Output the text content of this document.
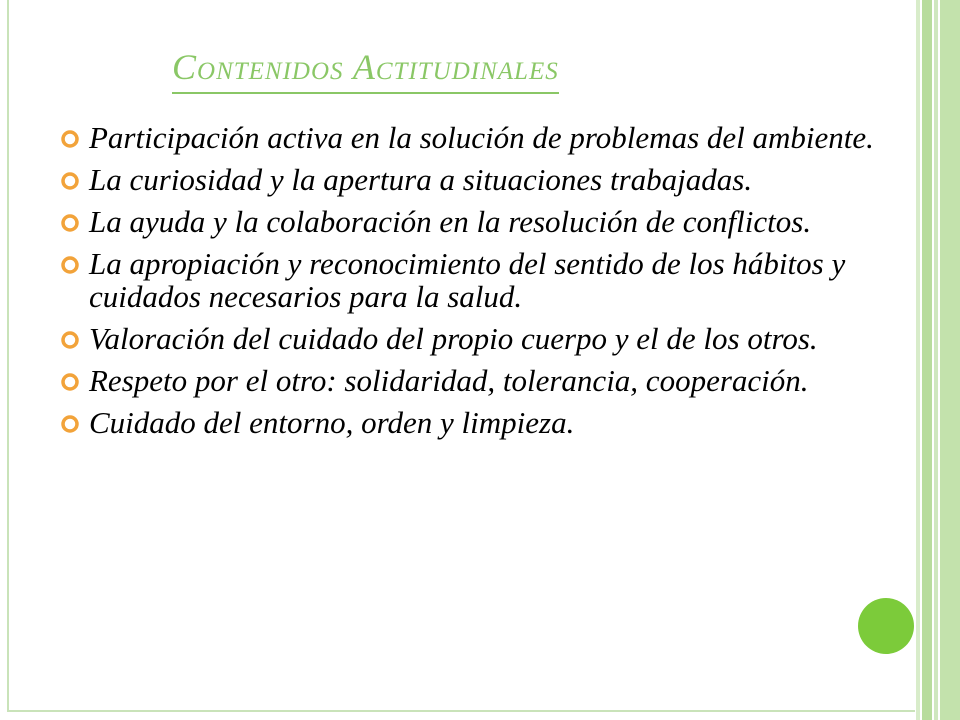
Contenidos Actitudinales
Participación activa en la solución de problemas del ambiente.
La curiosidad y la apertura a situaciones trabajadas.
La ayuda y la colaboración en la resolución de conflictos.
La apropiación y reconocimiento del sentido de los hábitos y cuidados necesarios para la salud.
Valoración del cuidado del propio cuerpo y el de los otros.
Respeto por el otro: solidaridad, tolerancia, cooperación.
Cuidado del entorno, orden y limpieza.
